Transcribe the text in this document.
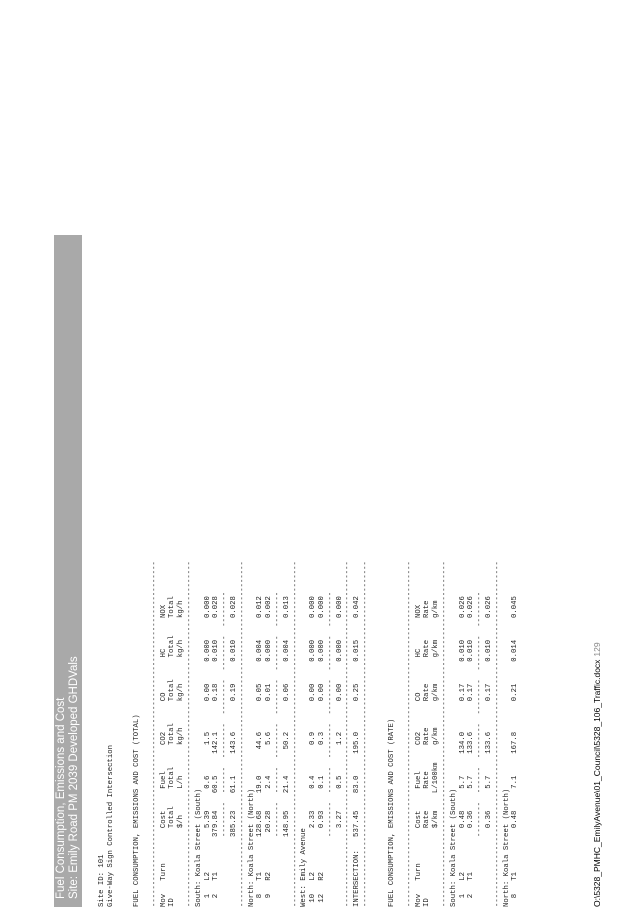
Fuel Consumption, Emissions and Cost Site: Emily Road PM 2039 Developed GHDVals Site ID: 101
Give-Way Sign Controlled Intersection

FUEL CONSUMPTION, EMISSIONS AND COST (TOTAL)

-------------------------------------------------------------------------------
Mov   Turn        Cost     Fuel      CO2       CO        HC       NOX
ID                Total    Total     Total     Total     Total    Total
$/h      L/h       kg/h      kg/h      kg/h     kg/h
-------------------------------------------------------------------------------
South: Koala Street (South)
1   L2          5.39     0.6       1.5       0.00     0.000     0.000
2   T1        379.84    60.5     142.1       0.18     0.010     0.028
--------  ------  --------  --------  --------  --------
385.23    61.1     143.6       0.19     0.010     0.028
-------------------------------------------------------------------------------
North: Koala Street (North)
8   T1        128.68    19.0      44.6       0.05     0.004     0.012
9   R2         20.28     2.4       5.6       0.01     0.000     0.002
--------  ------  --------  --------  --------  --------
148.95    21.4      50.2       0.06     0.004     0.013
-------------------------------------------------------------------------------
West: Emily Avenue
10   L2          2.33     0.4       0.9       0.00     0.000     0.000
12   R2          0.93     0.1       0.3       0.00     0.000     0.000
--------  ------  --------  --------  --------  --------
3.27     0.5       1.2       0.00     0.000     0.000
-------------------------------------------------------------------------------
INTERSECTION:   537.45    83.0     195.0       0.25     0.015     0.042
-------------------------------------------------------------------------------

FUEL CONSUMPTION, EMISSIONS AND COST (RATE)

-------------------------------------------------------------------------------
Mov   Turn        Cost     Fuel      CO2       CO        HC       NOX
ID                Rate     Rate      Rate      Rate      Rate     Rate
$/km    L/100km    g/km      g/km      g/km     g/km
-------------------------------------------------------------------------------
South: Koala Street (South)
1   L2          0.48     5.7     134.0       0.17     0.010     0.026
2   T1          0.36     5.7     133.6       0.17     0.010     0.026
--------  ------  --------  --------  --------  --------
0.36     5.7     133.6       0.17     0.010     0.026
-------------------------------------------------------------------------------
North: Koala Street (North)
8   T1          0.48     7.1     167.8       0.21     0.014     0.045
O:\5328_PMHC_EmilyAvenue\01_Council\5328_106_Traffic.docx129
